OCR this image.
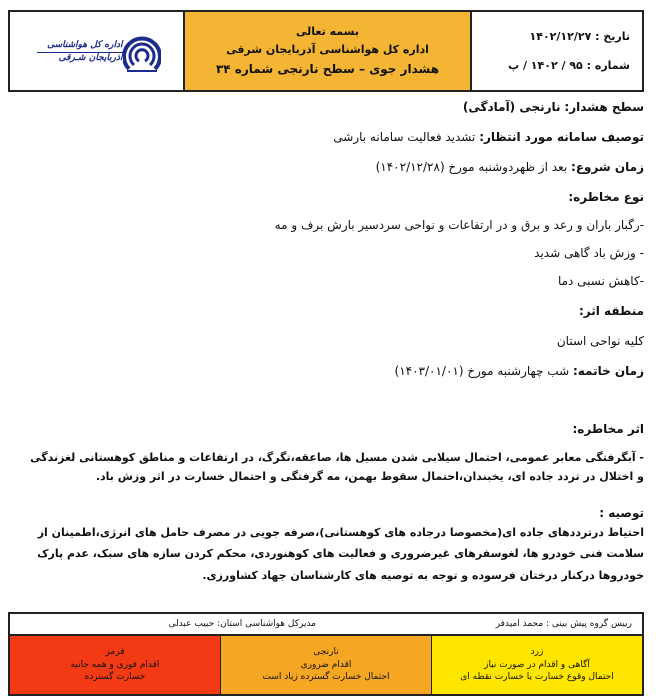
اداره کل هواشناسی
آذربایجان شـرقی
بسمه تعالی
اداره کل هواشناسی آذربایجان شرقی
هشدار جوی – سطح نارنجی شماره ۳۴
تاریخ : ۱۴۰۲/۱۲/۲۷
شماره : ۹۵ / ۱۴۰۲ / پ
سطح هشدار: نارنجی (آمادگی)
توصیف سامانه مورد انتظار: تشدید فعالیت سامانه بارشی
زمان شروع: بعد از ظهردوشنبه مورخ (۱۴۰۲/۱۲/۲۸)
نوع مخاطره:
-رگبار باران و رعد و برق و در ارتفاعات و نواحی سردسیر بارش برف و مه
- وزش باد گاهی شدید
-کاهش نسبی دما
منطقه اثر:
کلیه نواحی استان
زمان خاتمه: شب چهارشنبه مورخ (۱۴۰۳/۰۱/۰۱)
اثر مخاطره:
- آبگرفتگی معابر عمومی، احتمال سیلابی شدن مسیل ها، صاعقه،تگرگ، در ارتفاعات و مناطق کوهستانی لغزندگی و اختلال در تردد جاده ای، یخبندان،احتمال سقوط بهمن، مه گرفتگی و احتمال خسارت در اثر وزش باد.
توصیه :
احتیاط درترددهای جاده ای(مخصوصا درجاده های کوهستانی)،صرفه جویی در مصرف حامل های انرژی،اطمینان از سلامت فنی خودرو ها، لغوسفرهای غیرضروری و فعالیت های کوهنوردی، محکم کردن سازه های سبک، عدم پارک خودروها درکنار درختان فرسوده و توجه به توصیه های کارشناسان جهاد کشاورزی.
رییس گروه پیش بینی : محمد امیدفر
مدیرکل هواشناسی استان: حبیب عبدلی
زرد
آگاهی و اقدام در صورت نیاز
احتمال وقوع خسارت یا خسارت نقطه ای
نارنجی
اقدام ضروری
احتمال خسارت گسترده زیاد است
قرمز
اقدام فوری و همه جانبه
خسارت گسترده
